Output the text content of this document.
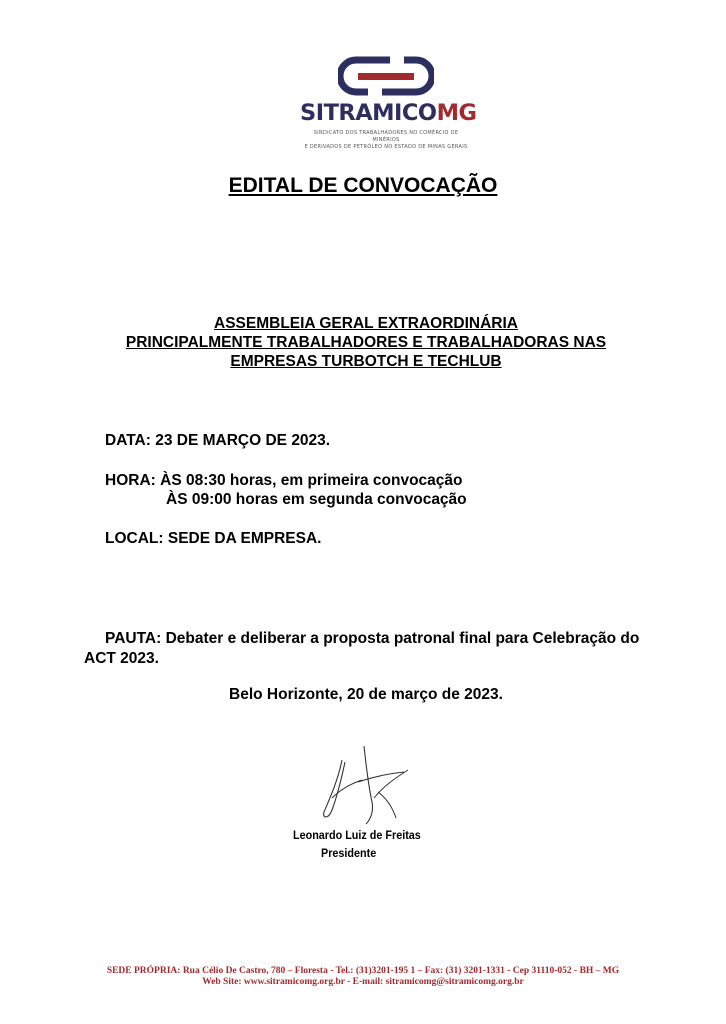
SITRAMICOMG
SINDICATO DOS TRABALHADORES NO COMÉRCIO DE MINÉRIOS
E DERIVADOS DE PETRÓLEO NO ESTADO DE MINAS GERAIS
EDITAL DE CONVOCAÇÃO
ASSEMBLEIA GERAL EXTRAORDINÁRIA
PRINCIPALMENTE TRABALHADORES E TRABALHADORAS NAS
EMPRESAS TURBOTCH E TECHLUB
DATA: 23 DE MARÇO DE 2023.
HORA: ÀS 08:30 horas, em primeira convocação
ÀS 09:00 horas em segunda convocação
LOCAL: SEDE DA EMPRESA.
PAUTA: Debater e deliberar a proposta patronal final para Celebração do ACT 2023.
Belo Horizonte, 20 de março de 2023.
Leonardo Luiz de Freitas
Presidente
SEDE PRÓPRIA: Rua Célio De Castro, 780 – Floresta - Tel.: (31)3201-195 1 – Fax: (31) 3201-1331 - Cep 31110-052 - BH – MG
Web Site: www.sitramicomg.org.br - E-mail: sitramicomg@sitramicomg.org.br
